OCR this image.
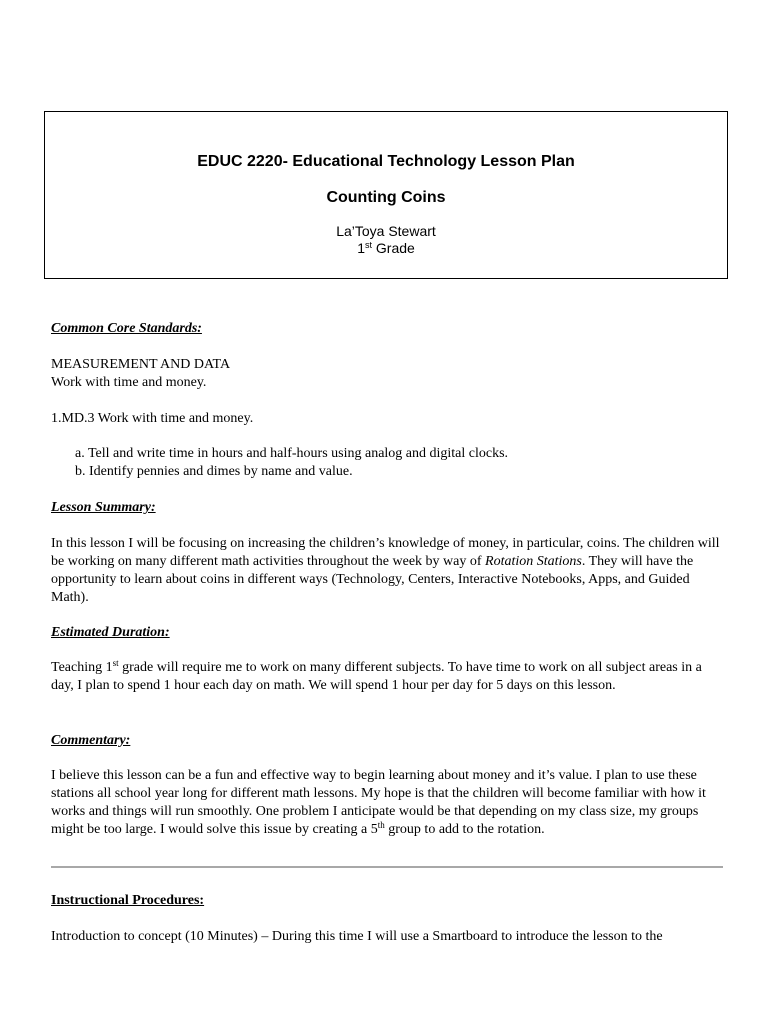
EDUC 2220- Educational Technology Lesson Plan
Counting Coins
La’Toya Stewart
1st Grade
Common Core Standards:
MEASUREMENT AND DATA
Work with time and money.
1.MD.3 Work with time and money.
a. Tell and write time in hours and half-hours using analog and digital clocks.
b. Identify pennies and dimes by name and value.
Lesson Summary:
In this lesson I will be focusing on increasing the children’s knowledge of money, in particular, coins. The children will be working on many different math activities throughout the week by way of Rotation Stations. They will have the opportunity to learn about coins in different ways (Technology, Centers, Interactive Notebooks, Apps, and Guided Math).
Estimated Duration:
Teaching 1st grade will require me to work on many different subjects. To have time to work on all subject areas in a day, I plan to spend 1 hour each day on math. We will spend 1 hour per day for 5 days on this lesson.
Commentary:
I believe this lesson can be a fun and effective way to begin learning about money and it’s value. I plan to use these stations all school year long for different math lessons. My hope is that the children will become familiar with how it works and things will run smoothly. One problem I anticipate would be that depending on my class size, my groups might be too large. I would solve this issue by creating a 5th group to add to the rotation.
Instructional Procedures:
Introduction to concept (10 Minutes) – During this time I will use a Smartboard to introduce the lesson to the
